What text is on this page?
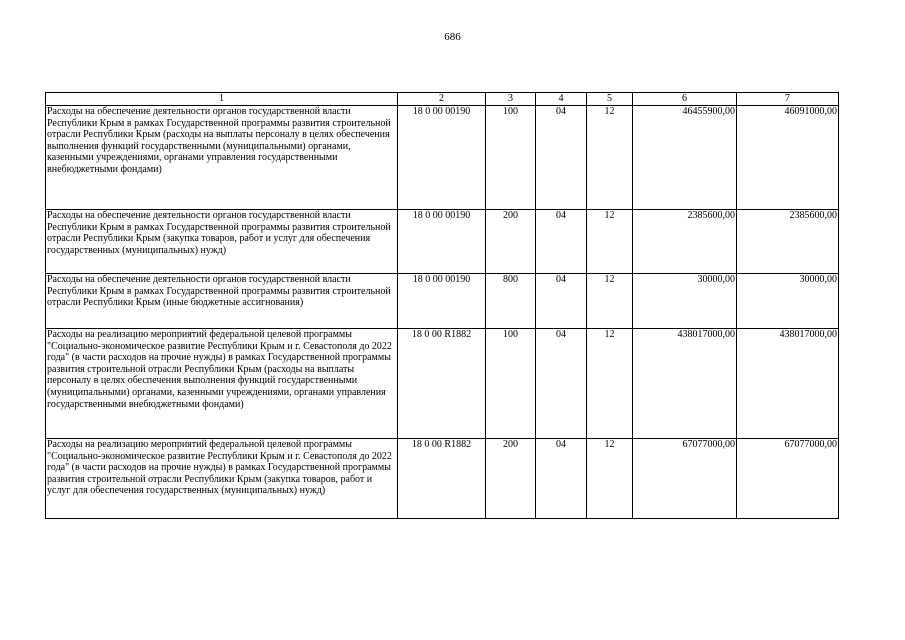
686
1	2	3	4	5	6	7
Расходы на обеспечение деятельности органов государственной власти Республики Крым в рамках Государственной программы развития строительной отрасли Республики Крым (расходы на выплаты персоналу в целях обеспечения выполнения функций государственными (муниципальными) органами, казенными учреждениями, органами управления государственными внебюджетными фондами)	18 0 00 00190	100	04	12	46455900,00	46091000,00
Расходы на обеспечение деятельности органов государственной власти Республики Крым в рамках Государственной программы развития строительной отрасли Республики Крым (закупка товаров, работ и услуг для обеспечения государственных (муниципальных) нужд)	18 0 00 00190	200	04	12	2385600,00	2385600,00
Расходы на обеспечение деятельности органов государственной власти Республики Крым в рамках Государственной программы развития строительной отрасли Республики Крым (иные бюджетные ассигнования)	18 0 00 00190	800	04	12	30000,00	30000,00
Расходы на реализацию мероприятий федеральной целевой программы "Социально-экономическое развитие Республики Крым и г. Севастополя до 2022 года" (в части расходов на прочие нужды) в рамках Государственной программы развития строительной отрасли Республики Крым (расходы на выплаты персоналу в целях обеспечения выполнения функций государственными (муниципальными) органами, казенными учреждениями, органами управления государственными внебюджетными фондами)	18 0 00 R1882	100	04	12	438017000,00	438017000,00
Расходы на реализацию мероприятий федеральной целевой программы "Социально-экономическое развитие Республики Крым и г. Севастополя до 2022 года" (в части расходов на прочие нужды) в рамках Государственной программы развития строительной отрасли Республики Крым (закупка товаров, работ и услуг для обеспечения государственных (муниципальных) нужд)	18 0 00 R1882	200	04	12	67077000,00	67077000,00
